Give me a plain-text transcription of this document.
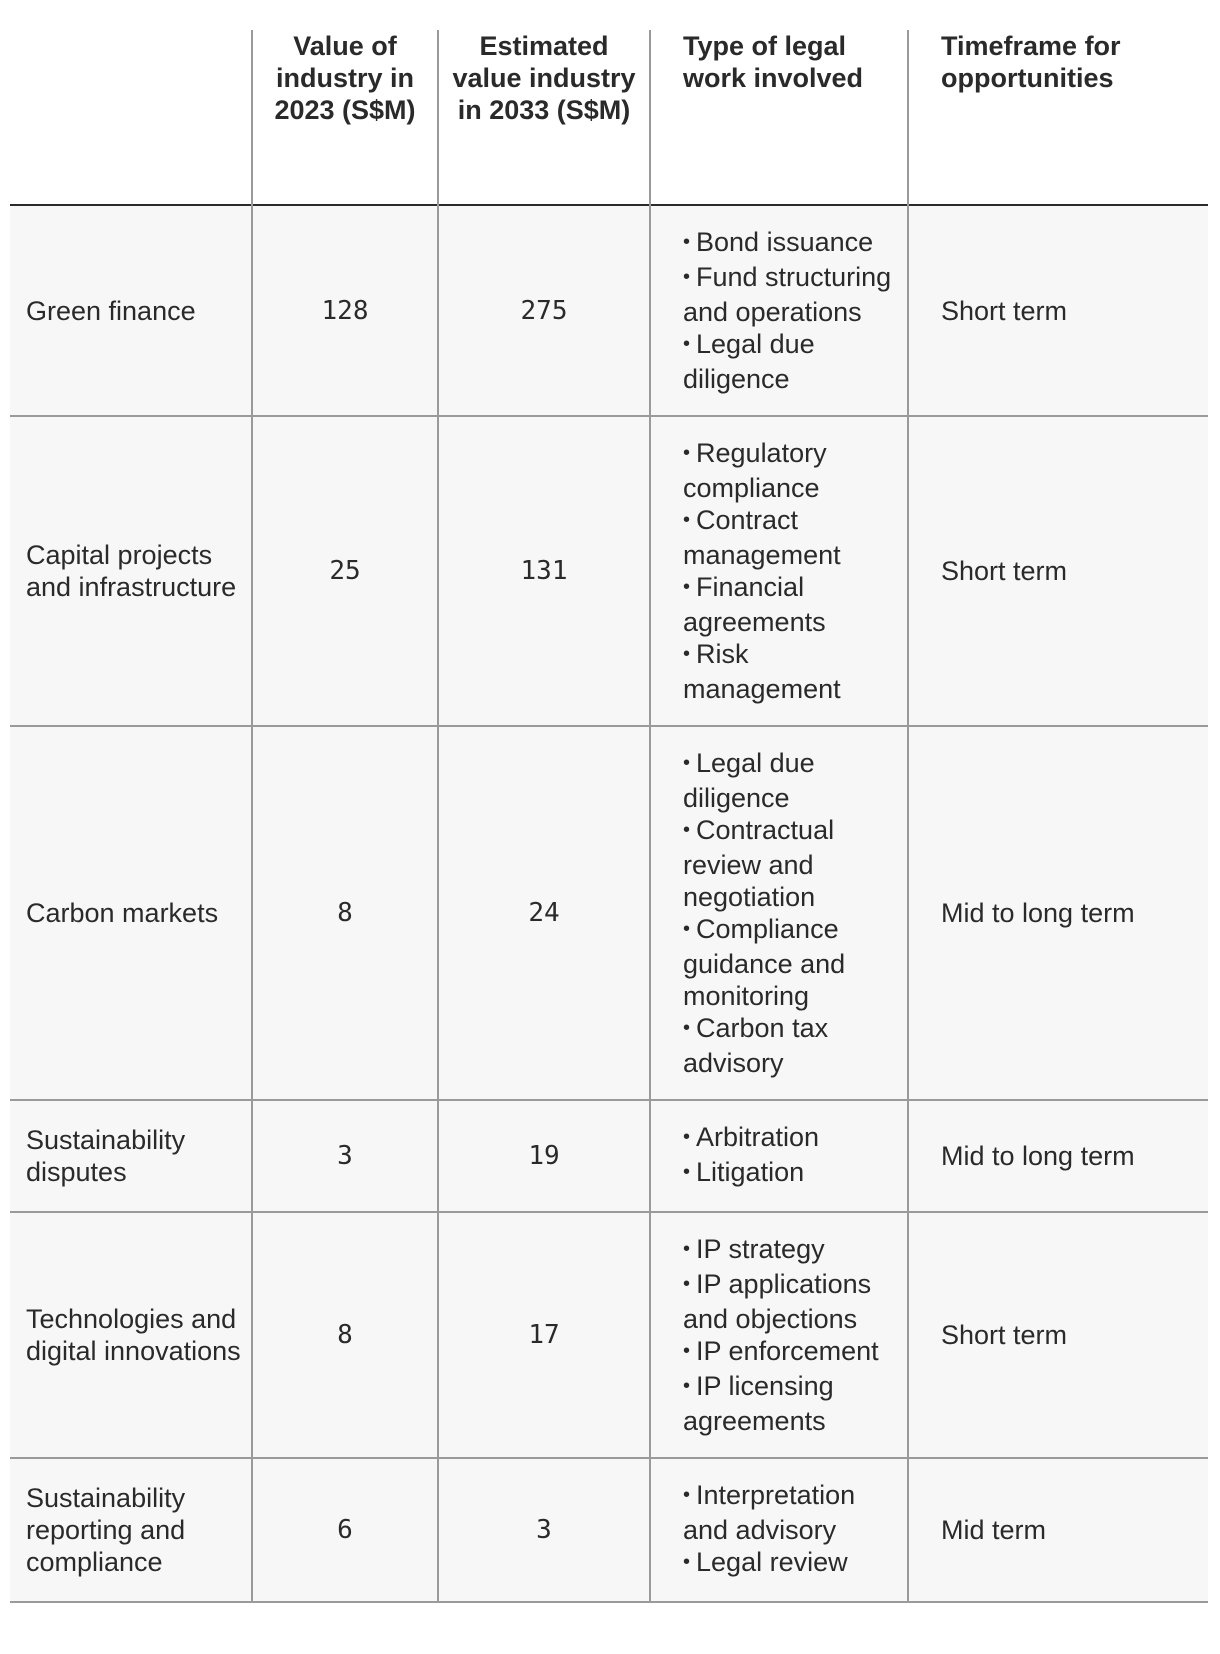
	Value of industry in 2023 (S$M)	Estimated value industry in 2033 (S$M)	Type of legal work involved	Timeframe for opportunities
Green finance	128	275	• Bond issuance
• Fund structuring and operations
• Legal due diligence	Short term
Capital projects and infrastructure	25	131	• Regulatory compliance
• Contract management
• Financial agreements
• Risk management	Short term
Carbon markets	8	24	• Legal due diligence
• Contractual review and negotiation
• Compliance guidance and monitoring
• Carbon tax advisory	Mid to long term
Sustainability disputes	3	19	• Arbitration
• Litigation	Mid to long term
Technologies and digital innovations	8	17	• IP strategy
• IP applications and objections
• IP enforcement
• IP licensing agreements	Short term
Sustainability reporting and compliance	6	3	• Interpretation and advisory
• Legal review	Mid term
